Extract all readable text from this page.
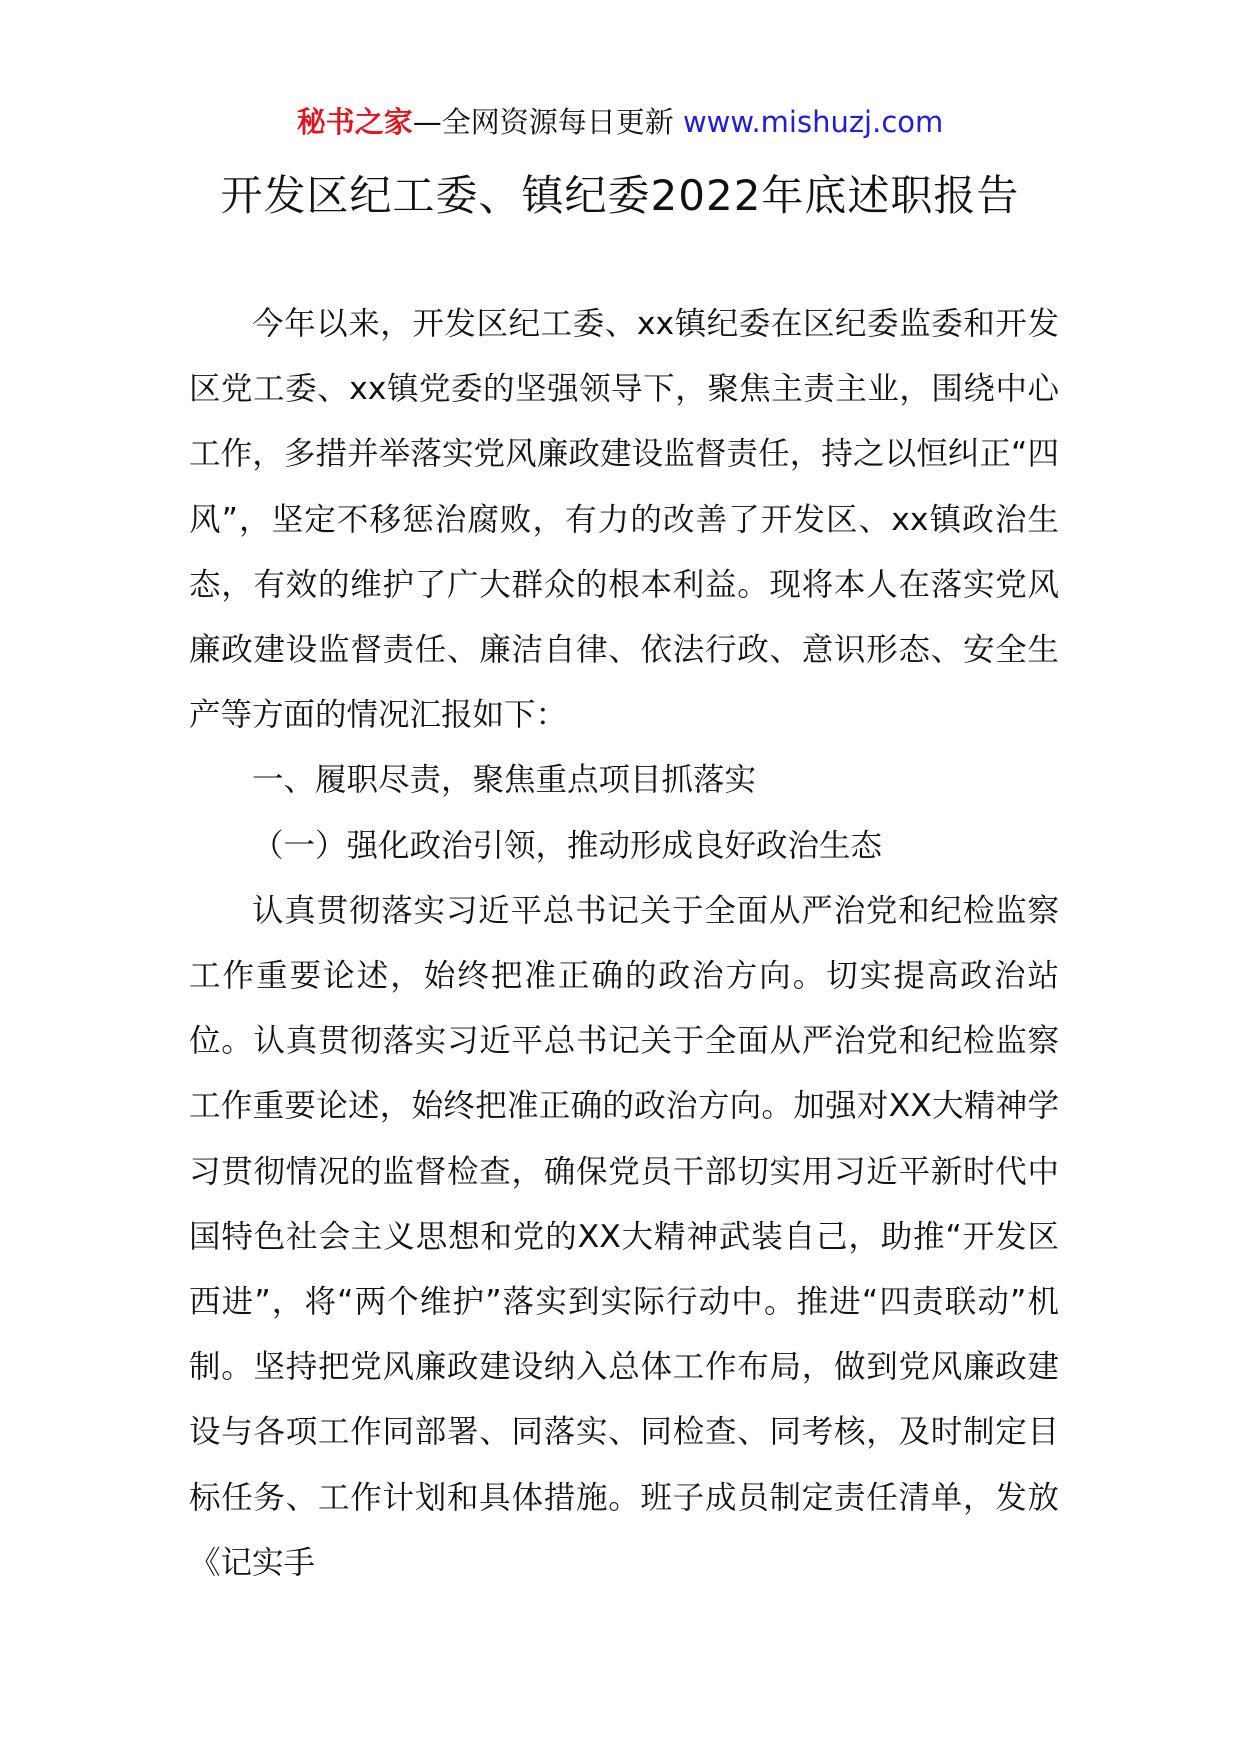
秘书之家—全网资源每日更新 www.mishuzj.com
开发区纪工委、镇纪委2022年底述职报告

今年以来，开发区纪工委、xx镇纪委在区纪委监委和开发区党工委、xx镇党委的坚强领导下，聚焦主责主业，围绕中心工作，多措并举落实党风廉政建设监督责任，持之以恒纠正“四风”，坚定不移惩治腐败，有力的改善了开发区、xx镇政治生态，有效的维护了广大群众的根本利益。现将本人在落实党风廉政建设监督责任、廉洁自律、依法行政、意识形态、安全生产等方面的情况汇报如下：

一、履职尽责，聚焦重点项目抓落实

（一）强化政治引领，推动形成良好政治生态

认真贯彻落实习近平总书记关于全面从严治党和纪检监察工作重要论述，始终把准正确的政治方向。切实提高政治站位。认真贯彻落实习近平总书记关于全面从严治党和纪检监察工作重要论述，始终把准正确的政治方向。加强对XX大精神学习贯彻情况的监督检查，确保党员干部切实用习近平新时代中国特色社会主义思想和党的XX大精神武装自己，助推“开发区西进”，将“两个维护”落实到实际行动中。推进“四责联动”机制。坚持把党风廉政建设纳入总体工作布局，做到党风廉政建设与各项工作同部署、同落实、同检查、同考核，及时制定目标任务、工作计划和具体措施。班子成员制定责任清单，发放《记实手
